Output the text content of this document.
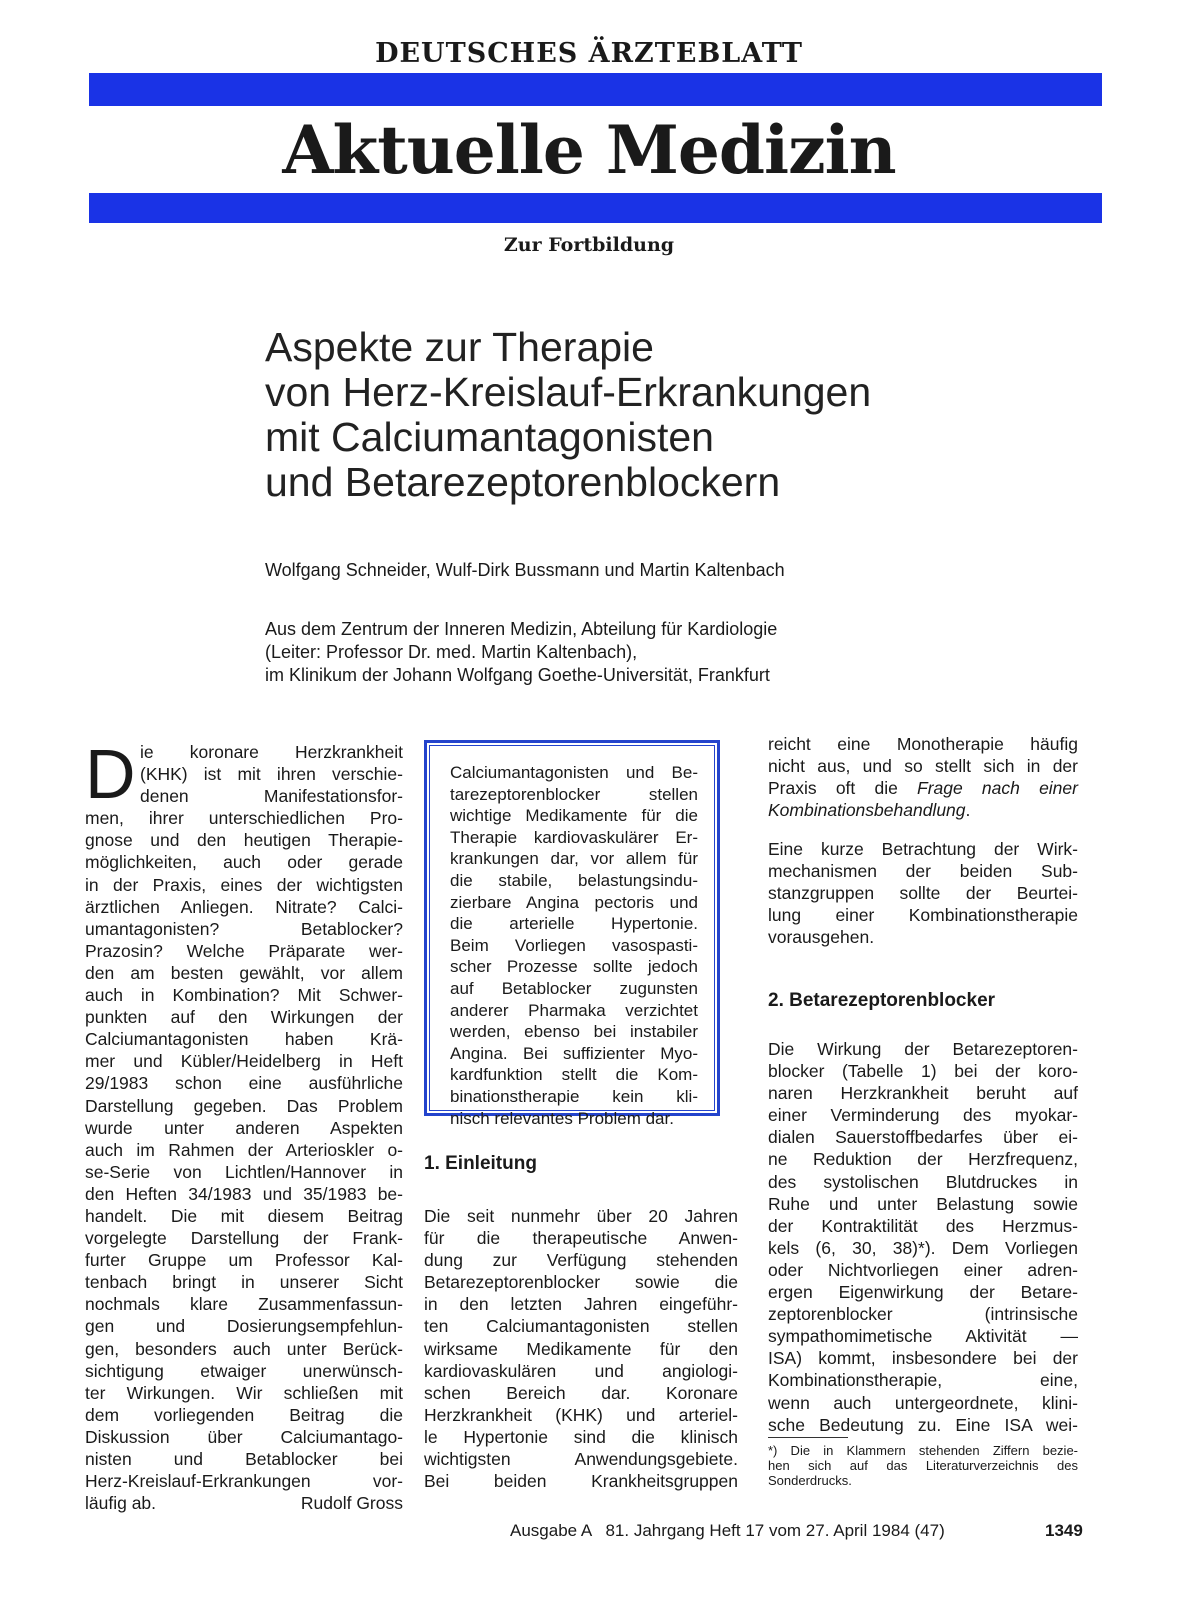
DEUTSCHES ÄRZTEBLATT
Aktuelle Medizin
Zur Fortbildung
Aspekte zur Therapie
von Herz-Kreislauf-Erkrankungen
mit Calciumantagonisten
und Betarezeptorenblockern
Wolfgang Schneider, Wulf-Dirk Bussmann und Martin Kaltenbach
Aus dem Zentrum der Inneren Medizin, Abteilung für Kardiologie
(Leiter: Professor Dr. med. Martin Kaltenbach),
im Klinikum der Johann Wolfgang Goethe-Universität, Frankfurt
D ie koronare Herzkrankheit
(KHK) ist mit ihren verschie-
denen Manifestationsfor-
men, ihrer unterschiedlichen Pro-
gnose und den heutigen Therapie-
möglichkeiten, auch oder gerade
in der Praxis, eines der wichtigsten
ärztlichen Anliegen. Nitrate? Calci-
umantagonisten? Betablocker?
Prazosin? Welche Präparate wer-
den am besten gewählt, vor allem
auch in Kombination? Mit Schwer-
punkten auf den Wirkungen der
Calciumantagonisten haben Krä-
mer und Kübler/Heidelberg in Heft
29/1983 schon eine ausführliche
Darstellung gegeben. Das Problem
wurde unter anderen Aspekten
auch im Rahmen der Arterioskler o-
se-Serie von Lichtlen/Hannover in
den Heften 34/1983 und 35/1983 be-
handelt. Die mit diesem Beitrag
vorgelegte Darstellung der Frank-
furter Gruppe um Professor Kal-
tenbach bringt in unserer Sicht
nochmals klare Zusammenfassun-
gen und Dosierungsempfehlun-
gen, besonders auch unter Berück-
sichtigung etwaiger unerwünsch-
ter Wirkungen. Wir schließen mit
dem vorliegenden Beitrag die
Diskussion über Calciumantago-
nisten und Betablocker bei
Herz-Kreislauf-Erkrankungen vor-
läufig ab.	Rudolf Gross
Calciumantagonisten und Be-
tarezeptorenblocker stellen
wichtige Medikamente für die
Therapie kardiovaskulärer Er-
krankungen dar, vor allem für
die stabile, belastungsindu-
zierbare Angina pectoris und
die arterielle Hypertonie.
Beim Vorliegen vasospasti-
scher Prozesse sollte jedoch
auf Betablocker zugunsten
anderer Pharmaka verzichtet
werden, ebenso bei instabiler
Angina. Bei suffizienter Myo-
kardfunktion stellt die Kom-
binationstherapie kein kli-
nisch relevantes Problem dar.
1. Einleitung
Die seit nunmehr über 20 Jahren
für die therapeutische Anwen-
dung zur Verfügung stehenden
Betarezeptorenblocker sowie die
in den letzten Jahren eingeführ-
ten Calciumantagonisten stellen
wirksame Medikamente für den
kardiovaskulären und angiologi-
schen Bereich dar. Koronare
Herzkrankheit (KHK) und arteriel-
le Hypertonie sind die klinisch
wichtigsten Anwendungsgebiete.
Bei beiden Krankheitsgruppen
reicht eine Monotherapie häufig
nicht aus, und so stellt sich in der
Praxis oft die Frage nach einer
Kombinationsbehandlung.
Eine kurze Betrachtung der Wirk-
mechanismen der beiden Sub-
stanzgruppen sollte der Beurtei-
lung einer Kombinationstherapie
vorausgehen.
2. Betarezeptorenblocker
Die Wirkung der Betarezeptoren-
blocker (Tabelle 1) bei der koro-
naren Herzkrankheit beruht auf
einer Verminderung des myokar-
dialen Sauerstoffbedarfes über ei-
ne Reduktion der Herzfrequenz,
des systolischen Blutdruckes in
Ruhe und unter Belastung sowie
der Kontraktilität des Herzmus-
kels (6, 30, 38)*). Dem Vorliegen
oder Nichtvorliegen einer adren-
ergen Eigenwirkung der Betare-
zeptorenblocker (intrinsische
sympathomimetische Aktivität —
ISA) kommt, insbesondere bei der
Kombinationstherapie, eine,
wenn auch untergeordnete, klini-
sche Bedeutung zu. Eine ISA wei-
*) Die in Klammern stehenden Ziffern bezie-
hen sich auf das Literaturverzeichnis des
Sonderdrucks.
Ausgabe A   81. Jahrgang Heft 17 vom 27. April 1984 (47)	1349
